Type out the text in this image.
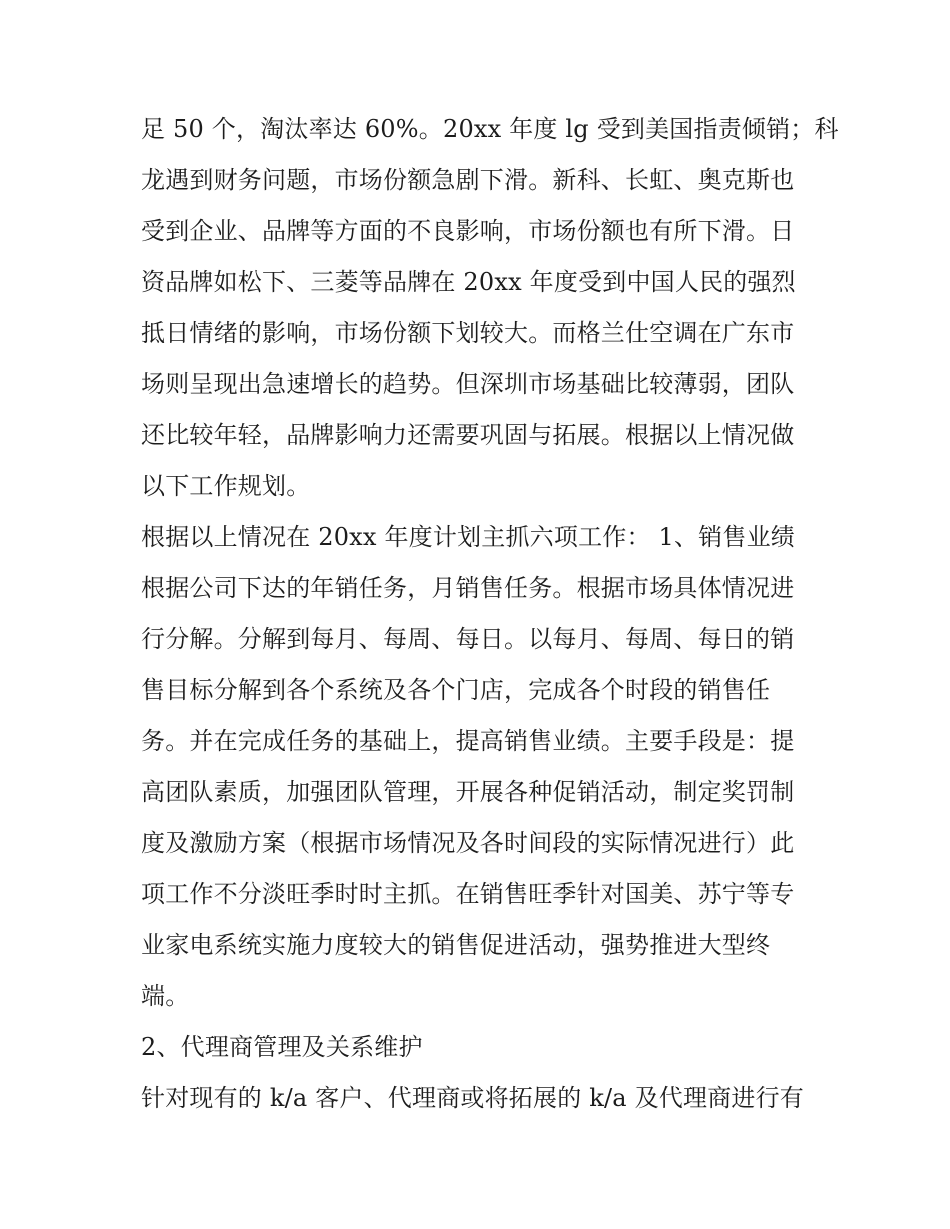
足 50 个，淘汰率达 60%。20xx 年度 lg 受到美国指责倾销；科
龙遇到财务问题，市场份额急剧下滑。新科、长虹、奥克斯也
受到企业、品牌等方面的不良影响，市场份额也有所下滑。日
资品牌如松下、三菱等品牌在 20xx 年度受到中国人民的强烈
抵日情绪的影响，市场份额下划较大。而格兰仕空调在广东市
场则呈现出急速增长的趋势。但深圳市场基础比较薄弱，团队
还比较年轻，品牌影响力还需要巩固与拓展。根据以上情况做
以下工作规划。
根据以上情况在 20xx 年度计划主抓六项工作： 1、销售业绩
根据公司下达的年销任务，月销售任务。根据市场具体情况进
行分解。分解到每月、每周、每日。以每月、每周、每日的销
售目标分解到各个系统及各个门店，完成各个时段的销售任
务。并在完成任务的基础上，提高销售业绩。主要手段是：提
高团队素质，加强团队管理，开展各种促销活动，制定奖罚制
度及激励方案（根据市场情况及各时间段的实际情况进行）此
项工作不分淡旺季时时主抓。在销售旺季针对国美、苏宁等专
业家电系统实施力度较大的销售促进活动，强势推进大型终
端。
2、代理商管理及关系维护
针对现有的 k/a 客户、代理商或将拓展的 k/a 及代理商进行有
